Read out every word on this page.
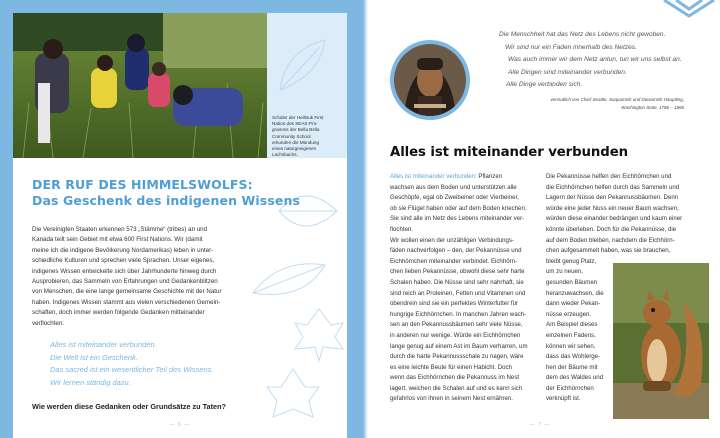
Schüler der Heiltsuk First
Nation des SEAS-Pro-
gramms der Bella Bella
Community School
erkunden die Mündung
eines naturgeeigenen
Lachsbachs.
DER RUF DES HIMMELSWOLFS:
Das Geschenk des indigenen Wissens

Die Vereinigten Staaten erkennen 573 „Stämme“ (tribes) an und
Kanada teilt sein Gebiet mit etwa 600 First Nations. Wir (damit
meine ich die indigene Bevölkerung Nordamerikas) leben in unter-
schiedliche Kulturen und sprechen viele Sprachen. Unser eigenes,
indigenes Wissen entwickelte sich über Jahrhunderte hinweg durch
Ausprobieren, das Sammeln von Erfahrungen und Gedankenblitzen
von Menschen, die eine lange gemeinsame Geschichte mit der Natur
haben. Indigenes Wissen stammt aus vielen verschiedenen Gemein-
schaften, doch immer werden folgende Gedanken mitteinander
verflochten:

Alles ist miteinander verbunden.
Die Welt ist ein Geschenk.
Das sacred ist ein wesentlicher Teil des Wissens.
Wir lernen ständig dazu.
Wie werden diese Gedanken oder Grundsätze zu Taten?
— 6 —
Die Menschheit hat das Netz des Lebens nicht gewoben.
Wir sind nur ein Faden innerhalb des Netzes.
Was auch immer wir dem Netz antun, tun wir uns selbst an.
Alle Dingen sind miteinander verbunden.
Alle Dinge verbinden sich.
vermutlich von Chief Seattle, Suquamish und Duwamish Häuptling,
Washington Stale, 1786 – 1866
Alles ist miteinander verbunden

Alles ist miteinander verbunden: Pflanzen

wachsen aus dem Boden und unterstützen alle
Geschöpfe, egal ob Zweibeiner oder Vierbeiner,
ob sie Flügel haben oder auf dem Boden kriechen.
Sie sind alle im Netz des Lebens miteinander ver-
flochten.

Wir wollen einen der unzähligen Verbindungs-
fäden nachverfolgen – den, der Pekannüsse und
Eichhörnchen miteinander verbindet. Eichhörn-
chen lieben Pekannüsse, obwohl diese sehr harte
Schalen haben. Die Nüsse sind sehr nahrhaft, sie
sind reich an Proteinen, Fetten und Vitaminen und
obendrein sind sie ein perfektes Winterfutter für
hungrige Eichhörnchen. In manchen Jahren wach-
sen an den Pekannussbäumen sehr viele Nüsse,
in anderen nur wenige. Würde ein Eichhörnchen
lange genug auf einem Ast im Baum verharren, um
durch die harte Pekannussschale zu nagen, wäre
es eine leichte Beute für einen Habicht. Doch
wenn das Eichhörnchen die Pekannuss im Nest
lagert, weichen die Schalen auf und es kann sich
gefahrlos von ihnen in seinem Nest ernähren.

Die Pekannüsse helfen den Eichhörnchen und
die Eichhörnchen helfen durch das Sammeln und
Lagern der Nüsse den Pekannussbäumen. Denn
würde eine jeder Nuss ein neuer Baum wachsen,
würden diese einander bedrängen und kaum einer
könnte überleben. Doch für die Pekannüsse, die
auf dem Boden bleiben, nachdem die Eichhörn-
chen aufgesammelt haben, was sie brauchen,
bleibt genug Platz,

um zu neuen,
gesunden Bäumen
heranzuwachsen, die
dann wieder Pekan-
nüsse erzeugen.
Am Beispiel dieses
einzelnen Fadens,
können wir sehen,
dass das Wohlerge-
hen der Bäume mit
dem des Waldes und
der Eichhörnchen
verknüpft ist.

— 7 —
